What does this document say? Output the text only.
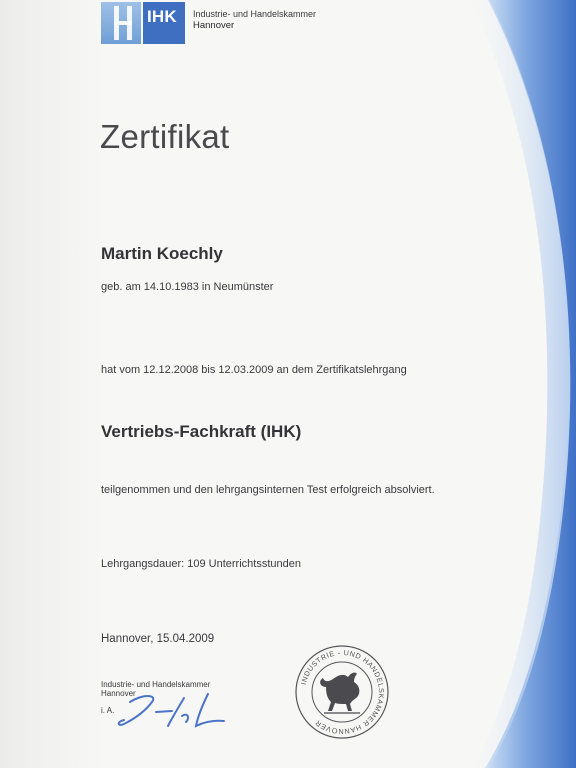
IHK Industrie- und Handelskammer
Hannover
Zertifikat
Martin Koechly
geb. am 14.10.1983 in Neumünster
hat vom 12.12.2008 bis 12.03.2009 an dem Zertifikatslehrgang
Vertriebs-Fachkraft (IHK)
teilgenommen und den lehrgangsinternen Test erfolgreich absolviert.
Lehrgangsdauer: 109 Unterrichtsstunden
Hannover, 15.04.2009
Industrie- und Handelskammer
Hannover
i. A.
INDUSTRIE - UND HANDELSKAMMER HANNOVER
